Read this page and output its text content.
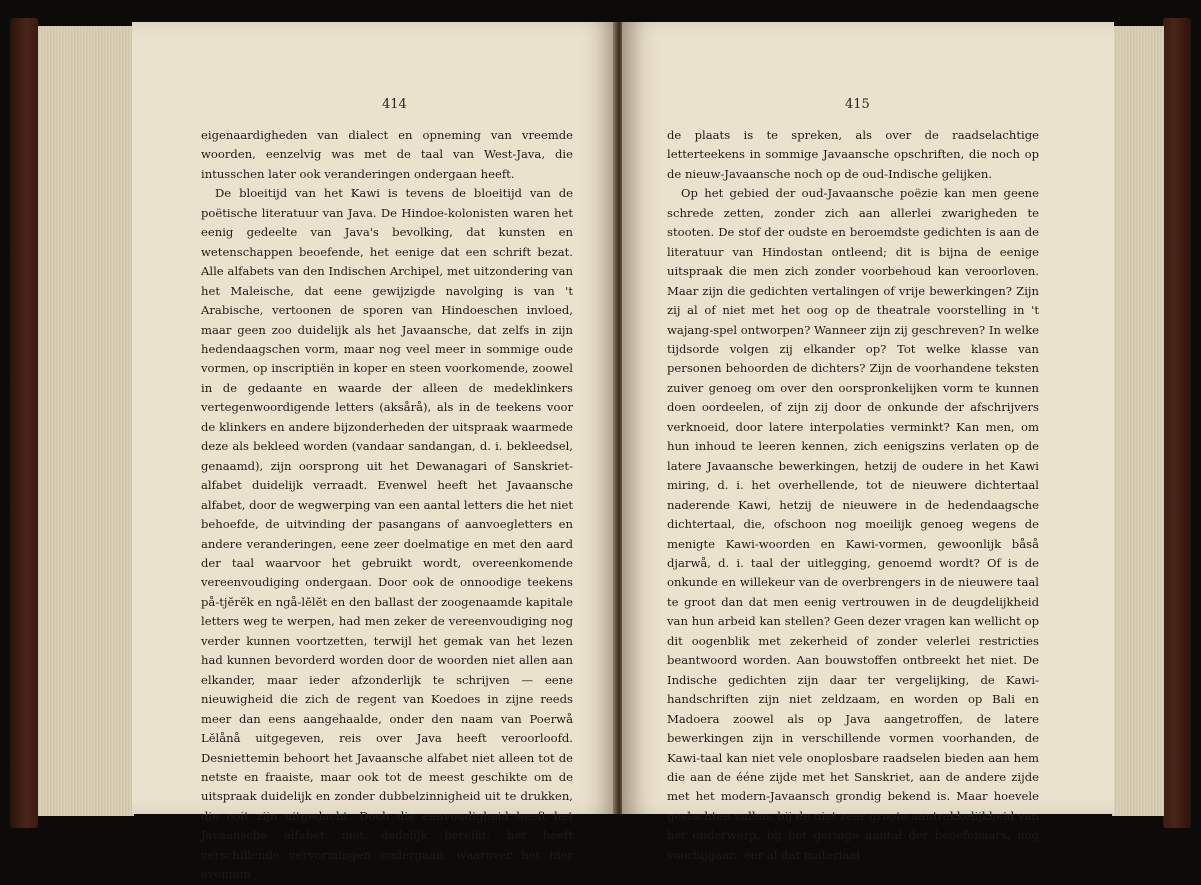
414

eigenaardigheden van dialect en opneming van vreemde woorden, eenzelvig was met de taal van West-Java, die intusschen later ook veranderingen ondergaan heeft.

De bloeitijd van het Kawi is tevens de bloeitijd van de poëtische literatuur van Java. De Hindoe-kolonisten waren het eenig gedeelte van Java's bevolking, dat kunsten en wetenschappen beoefende, het eenige dat een schrift bezat. Alle alfabets van den Indischen Archipel, met uitzondering van het Maleische, dat eene gewijzigde navolging is van 't Arabische, vertoonen de sporen van Hindoeschen invloed, maar geen zoo duidelijk als het Javaansche, dat zelfs in zijn hedendaagschen vorm, maar nog veel meer in sommige oude vormen, op inscriptiën in koper en steen voorkomende, zoowel in de gedaante en waarde der alleen de medeklinkers vertegenwoordigende letters (aksårå), als in de teekens voor de klinkers en andere bijzonderheden der uitspraak waarmede deze als bekleed worden (vandaar sandangan, d. i. bekleedsel, genaamd), zijn oorsprong uit het Dewanagari of Sanskriet-alfabet duidelijk verraadt. Evenwel heeft het Javaansche alfabet, door de wegwerping van een aantal letters die het niet behoefde, de uitvinding der pasangans of aanvoegletters en andere veranderingen, eene zeer doelmatige en met den aard der taal waarvoor het gebruikt wordt, overeenkomende vereenvoudiging ondergaan. Door ook de onnoodige teekens på-tjĕrĕk en ngå-lĕlĕt en den ballast der zoogenaamde kapitale letters weg te werpen, had men zeker de vereenvoudiging nog verder kunnen voortzetten, terwijl het gemak van het lezen had kunnen bevorderd worden door de woorden niet allen aan elkander, maar ieder afzonderlijk te schrijven — eene nieuwigheid die zich de regent van Koedoes in zijne reeds meer dan eens aangehaalde, onder den naam van Poerwå Lĕlånå uitgegeven, reis over Java heeft veroorloofd. Desniettemin behoort het Javaansche alfabet niet alleen tot de netste en fraaiste, maar ook tot de meest geschikte om de uitspraak duidelijk en zonder dubbelzinnigheid uit te drukken, die ooit zijn uitgedacht. Doch die eenvoudigheid heeft het Javaansche alfabet niet dadelijk bereikt; het heeft verschillende vervormingen ondergaan, waarover het hier evenmin

415

de plaats is te spreken, als over de raadselachtige letterteekens in sommige Javaansche opschriften, die noch op de nieuw-Javaansche noch op de oud-Indische gelijken.

Op het gebied der oud-Javaansche poëzie kan men geene schrede zetten, zonder zich aan allerlei zwarigheden te stooten. De stof der oudste en beroemdste gedichten is aan de literatuur van Hindostan ontleend; dit is bijna de eenige uitspraak die men zich zonder voorbehoud kan veroorloven. Maar zijn die gedichten vertalingen of vrije bewerkingen? Zijn zij al of niet met het oog op de theatrale voorstelling in 't wajang-spel ontworpen? Wanneer zijn zij geschreven? In welke tijdsorde volgen zij elkander op? Tot welke klasse van personen behoorden de dichters? Zijn de voorhandene teksten zuiver genoeg om over den oorspronkelijken vorm te kunnen doen oordeelen, of zijn zij door de onkunde der afschrijvers verknoeid, door latere interpolaties verminkt? Kan men, om hun inhoud te leeren kennen, zich eenigszins verlaten op de latere Javaansche bewerkingen, hetzij de oudere in het Kawi miring, d. i. het overhellende, tot de nieuwere dichtertaal naderende Kawi, hetzij de nieuwere in de hedendaagsche dichtertaal, die, ofschoon nog moeilijk genoeg wegens de menigte Kawi-woorden en Kawi-vormen, gewoonlijk båså djarwå, d. i. taal der uitlegging, genoemd wordt? Of is de onkunde en willekeur van de overbrengers in de nieuwere taal te groot dan dat men eenig vertrouwen in de deugdelijkheid van hun arbeid kan stellen? Geen dezer vragen kan wellicht op dit oogenblik met zekerheid of zonder velerlei restricties beantwoord worden. Aan bouwstoffen ontbreekt het niet. De Indische gedichten zijn daar ter vergelijking, de Kawi-handschriften zijn niet zeldzaam, en worden op Bali en Madoera zoowel als op Java aangetroffen, de latere bewerkingen zijn in verschillende vormen voorhanden, de Kawi-taal kan niet vele onoplosbare raadselen bieden aan hem die aan de ééne zijde met het Sanskriet, aan de andere zijde met het modern-Javaansch grondig bekend is. Maar hoevele geslachten zullen, bij de niet zeer groote aantrekkelijkheid van het onderwerp, bij het geringe aantal der beoefenaars, nog voorbijgaan, eer al dat materiaal
